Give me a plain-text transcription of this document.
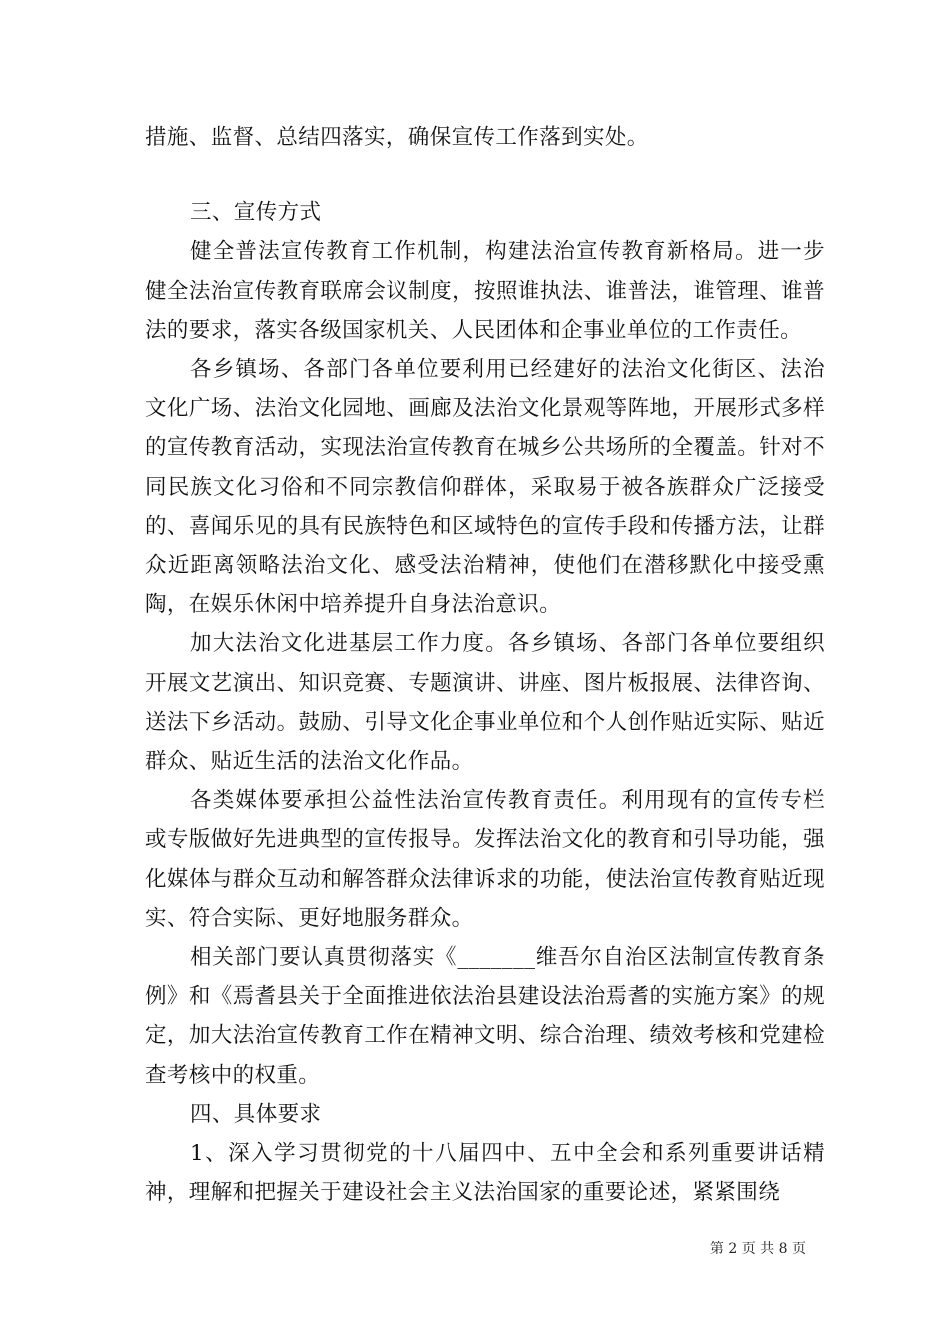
措施、监督、总结四落实，确保宣传工作落到实处。

三、宣传方式

健全普法宣传教育工作机制，构建法治宣传教育新格局。进一步健全法治宣传教育联席会议制度，按照谁执法、谁普法，谁管理、谁普法的要求，落实各级国家机关、人民团体和企事业单位的工作责任。

各乡镇场、各部门各单位要利用已经建好的法治文化街区、法治文化广场、法治文化园地、画廊及法治文化景观等阵地，开展形式多样的宣传教育活动，实现法治宣传教育在城乡公共场所的全覆盖。针对不同民族文化习俗和不同宗教信仰群体，采取易于被各族群众广泛接受的、喜闻乐见的具有民族特色和区域特色的宣传手段和传播方法，让群众近距离领略法治文化、感受法治精神，使他们在潜移默化中接受熏陶，在娱乐休闲中培养提升自身法治意识。

加大法治文化进基层工作力度。各乡镇场、各部门各单位要组织开展文艺演出、知识竞赛、专题演讲、讲座、图片板报展、法律咨询、送法下乡活动。鼓励、引导文化企事业单位和个人创作贴近实际、贴近群众、贴近生活的法治文化作品。

各类媒体要承担公益性法治宣传教育责任。利用现有的宣传专栏或专版做好先进典型的宣传报导。发挥法治文化的教育和引导功能，强化媒体与群众互动和解答群众法律诉求的功能，使法治宣传教育贴近现实、符合实际、更好地服务群众。

相关部门要认真贯彻落实《_______维吾尔自治区法制宣传教育条例》和《焉耆县关于全面推进依法治县建设法治焉耆的实施方案》的规定，加大法治宣传教育工作在精神文明、综合治理、绩效考核和党建检查考核中的权重。

四、具体要求

1、深入学习贯彻党的十八届四中、五中全会和系列重要讲话精神，理解和把握关于建设社会主义法治国家的重要论述，紧紧围绕

第 2 页 共 8 页
